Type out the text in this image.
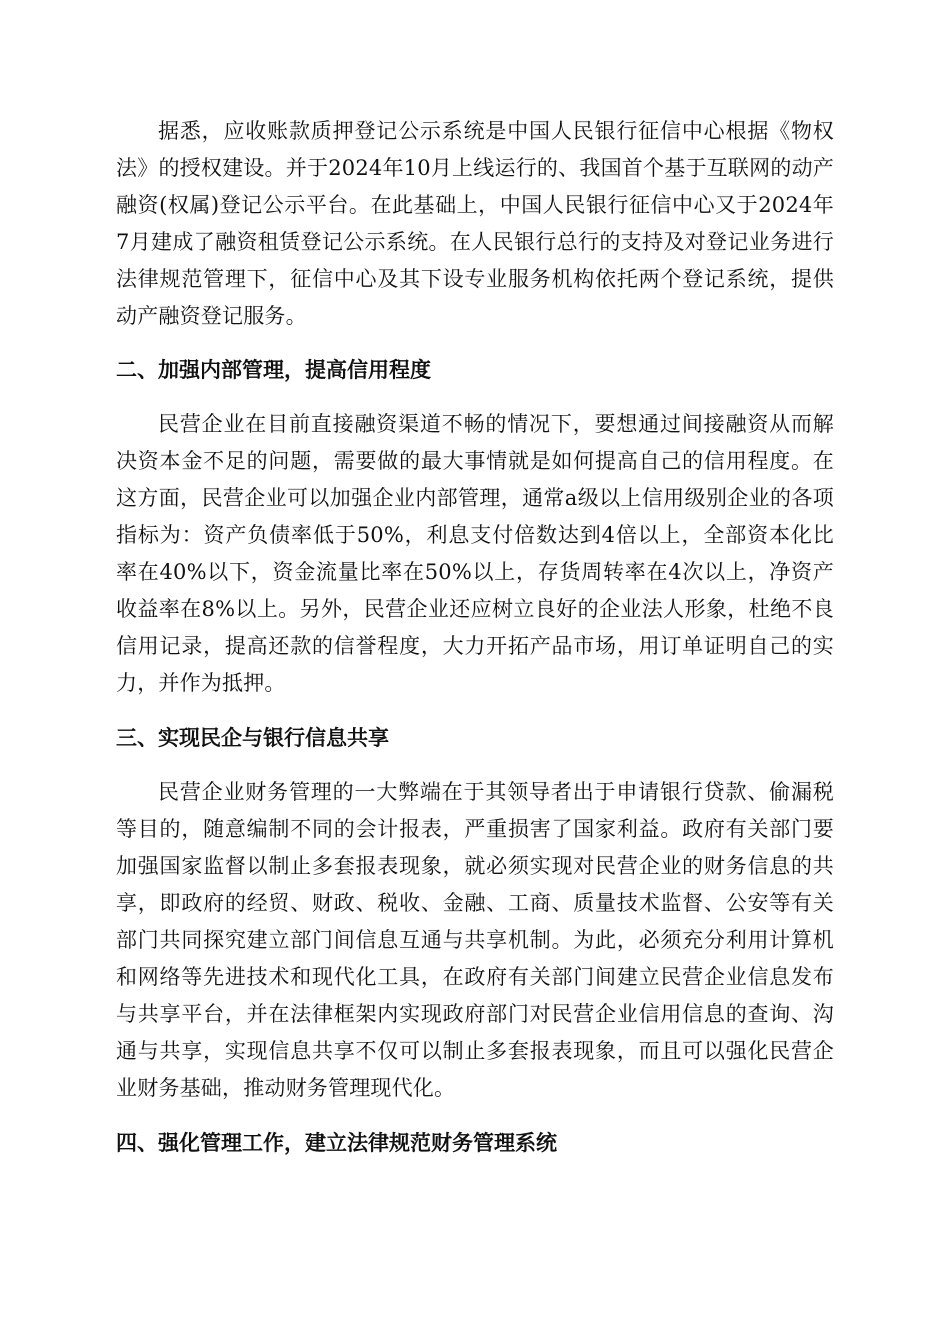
据悉，应收账款质押登记公示系统是中国人民银行征信中心根据《物权法》的授权建设。并于2024年10月上线运行的、我国首个基于互联网的动产融资(权属)登记公示平台。在此基础上，中国人民银行征信中心又于2024年7月建成了融资租赁登记公示系统。在人民银行总行的支持及对登记业务进行法律规范管理下，征信中心及其下设专业服务机构依托两个登记系统，提供动产融资登记服务。

二、加强内部管理，提高信用程度

民营企业在目前直接融资渠道不畅的情况下，要想通过间接融资从而解决资本金不足的问题，需要做的最大事情就是如何提高自己的信用程度。在这方面，民营企业可以加强企业内部管理，通常a级以上信用级别企业的各项指标为：资产负债率低于50%，利息支付倍数达到4倍以上，全部资本化比率在40%以下，资金流量比率在50%以上，存货周转率在4次以上，净资产收益率在8%以上。另外，民营企业还应树立良好的企业法人形象，杜绝不良信用记录，提高还款的信誉程度，大力开拓产品市场，用订单证明自己的实力，并作为抵押。

三、实现民企与银行信息共享

民营企业财务管理的一大弊端在于其领导者出于申请银行贷款、偷漏税等目的，随意编制不同的会计报表，严重损害了国家利益。政府有关部门要加强国家监督以制止多套报表现象，就必须实现对民营企业的财务信息的共享，即政府的经贸、财政、税收、金融、工商、质量技术监督、公安等有关部门共同探究建立部门间信息互通与共享机制。为此，必须充分利用计算机和网络等先进技术和现代化工具，在政府有关部门间建立民营企业信息发布与共享平台，并在法律框架内实现政府部门对民营企业信用信息的查询、沟通与共享，实现信息共享不仅可以制止多套报表现象，而且可以强化民营企业财务基础，推动财务管理现代化。

四、强化管理工作，建立法律规范财务管理系统
